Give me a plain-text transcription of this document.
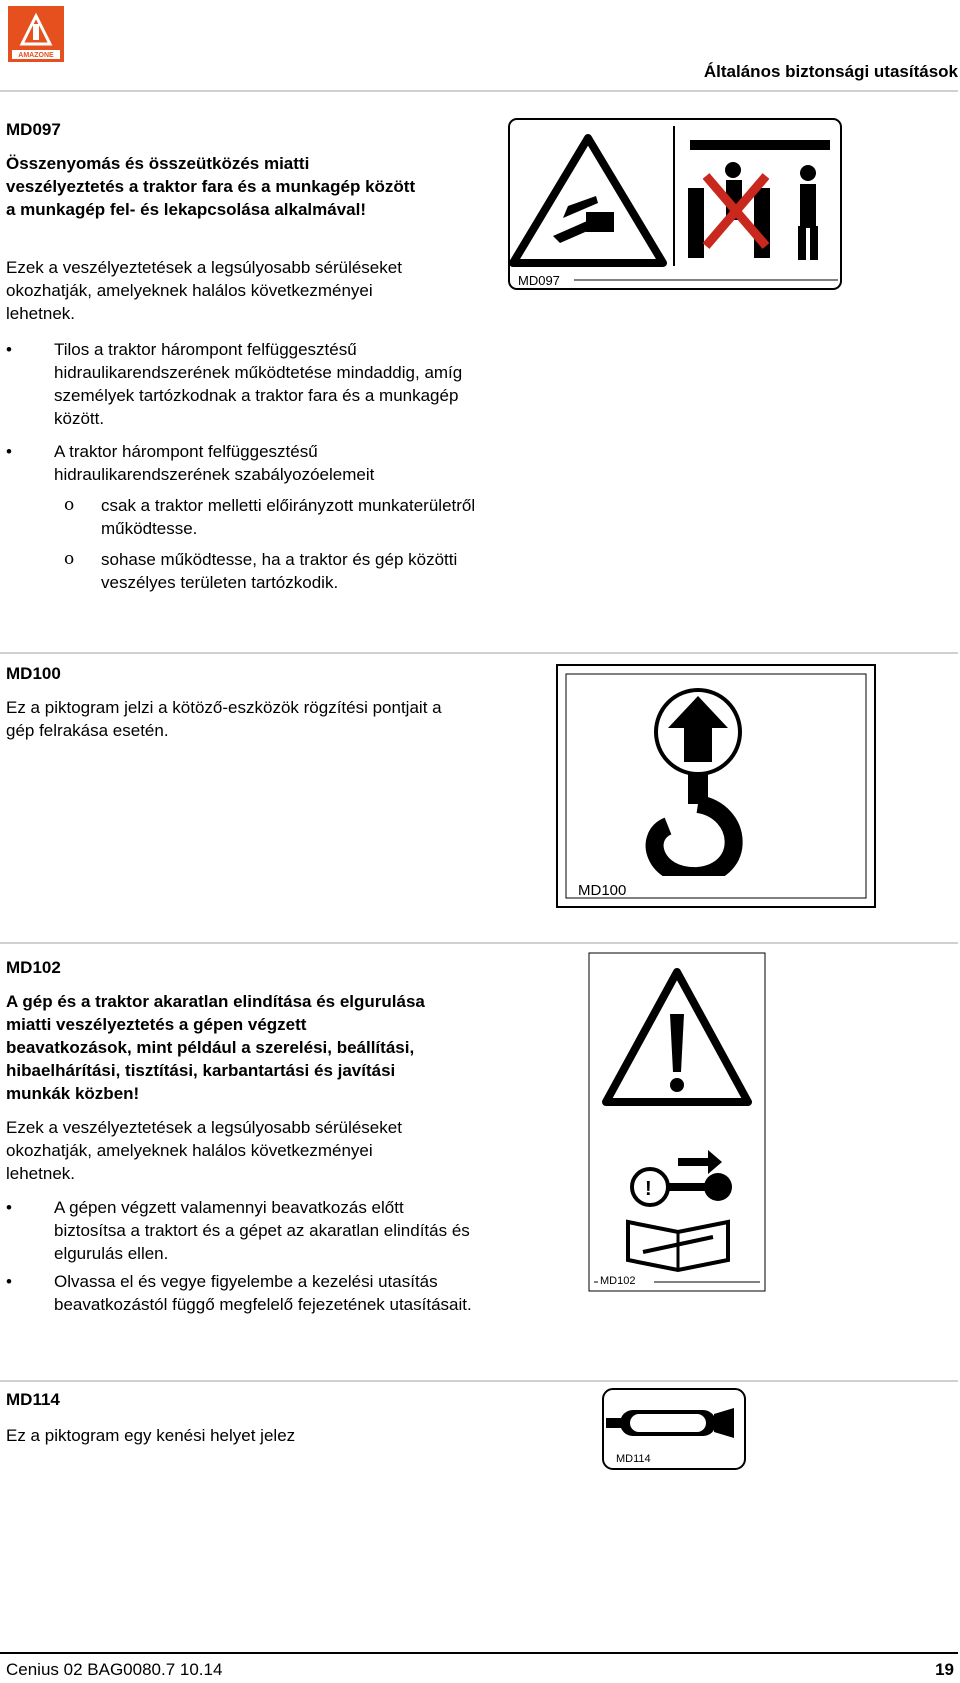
AMAZONE
Általános biztonsági utasítások
MD097
Összenyomás és összeütközés miatti veszélyeztetés a traktor fara és a munkagép között a munkagép fel- és lekapcsolása alkalmával!
Ezek a veszélyeztetések a legsúlyosabb sérüléseket okozhatják, amelyeknek halálos következményei lehetnek.
• Tilos a traktor hárompont felfüggesztésű hidraulikarendszerének működtetése mindaddig, amíg személyek tartózkodnak a traktor fara és a munkagép között.
• A traktor hárompont felfüggesztésű hidraulikarendszerének szabályozóelemeit
ο csak a traktor melletti előirányzott munkaterületről működtesse.
ο sohase működtesse, ha a traktor és gép közötti veszélyes területen tartózkodik.
MD097
MD100
Ez a piktogram jelzi a kötöző-eszközök rögzítési pontjait a gép felrakása esetén.
MD100
MD102
A gép és a traktor akaratlan elindítása és elgurulása miatti veszélyeztetés a gépen végzett beavatkozások, mint például a szerelési, beállítási, hibaelhárítási, tisztítási, karbantartási és javítási munkák közben!
Ezek a veszélyeztetések a legsúlyosabb sérüléseket okozhatják, amelyeknek halálos következményei lehetnek.
• A gépen végzett valamennyi beavatkozás előtt biztosítsa a traktort és a gépet az akaratlan elindítás és elgurulás ellen.
• Olvassa el és vegye figyelembe a kezelési utasítás beavatkozástól függő megfelelő fejezetének utasításait.
!
MD102
MD114
Ez a piktogram egy kenési helyet jelez
MD114
Cenius 02 BAG0080.7 10.14	19
